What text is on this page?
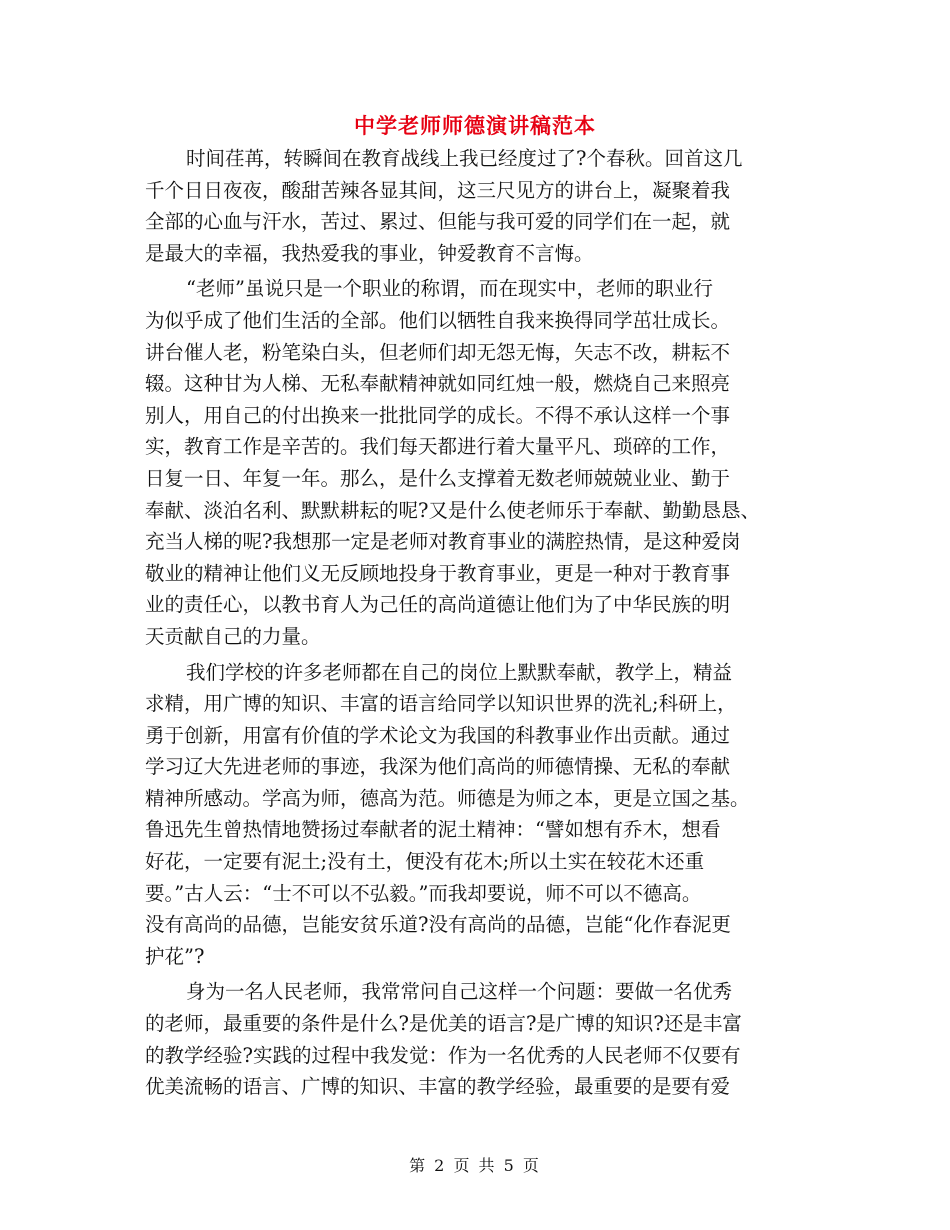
中学老师师德演讲稿范本
时间荏苒，转瞬间在教育战线上我已经度过了?个春秋。回首这几
千个日日夜夜，酸甜苦辣各显其间，这三尺见方的讲台上，凝聚着我
全部的心血与汗水，苦过、累过、但能与我可爱的同学们在一起，就
是最大的幸福，我热爱我的事业，钟爱教育不言悔。
“老师”虽说只是一个职业的称谓，而在现实中，老师的职业行
为似乎成了他们生活的全部。他们以牺牲自我来换得同学茁壮成长。
讲台催人老，粉笔染白头，但老师们却无怨无悔，矢志不改，耕耘不
辍。这种甘为人梯、无私奉献精神就如同红烛一般，燃烧自己来照亮
别人，用自己的付出换来一批批同学的成长。不得不承认这样一个事
实，教育工作是辛苦的。我们每天都进行着大量平凡、琐碎的工作，
日复一日、年复一年。那么，是什么支撑着无数老师兢兢业业、勤于
奉献、淡泊名利、默默耕耘的呢?又是什么使老师乐于奉献、勤勤恳恳、
充当人梯的呢?我想那一定是老师对教育事业的满腔热情，是这种爱岗
敬业的精神让他们义无反顾地投身于教育事业，更是一种对于教育事
业的责任心，以教书育人为己任的高尚道德让他们为了中华民族的明
天贡献自己的力量。
我们学校的许多老师都在自己的岗位上默默奉献，教学上，精益
求精，用广博的知识、丰富的语言给同学以知识世界的洗礼;科研上，
勇于创新，用富有价值的学术论文为我国的科教事业作出贡献。通过
学习辽大先进老师的事迹，我深为他们高尚的师德情操、无私的奉献
精神所感动。学高为师，德高为范。师德是为师之本，更是立国之基。
鲁迅先生曾热情地赞扬过奉献者的泥土精神：“譬如想有乔木，想看
好花，一定要有泥土;没有土，便没有花木;所以土实在较花木还重
要。”古人云：“士不可以不弘毅。”而我却要说，师不可以不德高。
没有高尚的品德，岂能安贫乐道?没有高尚的品德，岂能“化作春泥更
护花”?
身为一名人民老师，我常常问自己这样一个问题：要做一名优秀
的老师，最重要的条件是什么?是优美的语言?是广博的知识?还是丰富
的教学经验?实践的过程中我发觉：作为一名优秀的人民老师不仅要有
优美流畅的语言、广博的知识、丰富的教学经验，最重要的是要有爱
第 2 页 共 5 页
